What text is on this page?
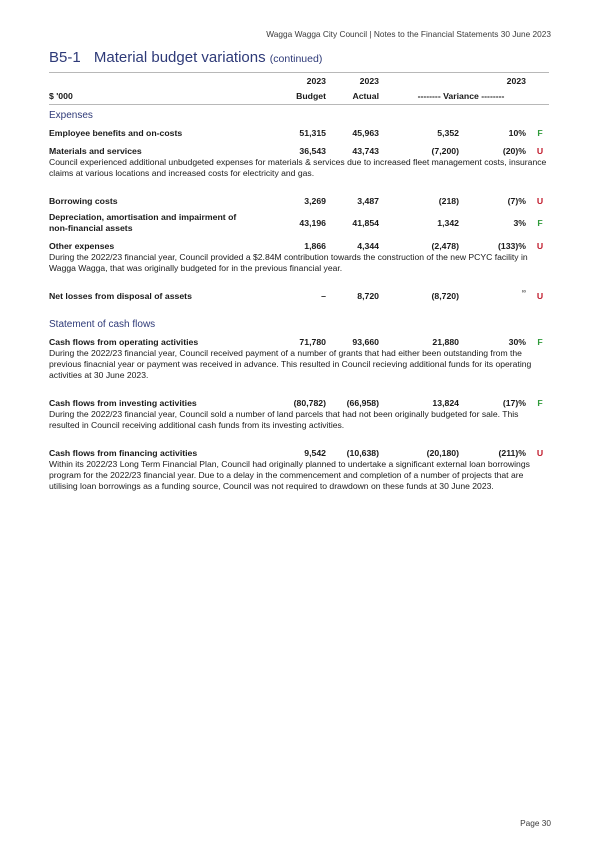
Wagga Wagga City Council | Notes to the Financial Statements 30 June 2023
B5-1 Material budget variations (continued)
2023	2023	2023
$ '000	Budget	Actual	-------- Variance --------
Expenses
Employee benefits and on-costs	51,315	45,963	5,352	10%	F
Materials and services	36,543	43,743	(7,200)	(20)%	U
Council experienced additional unbudgeted expenses for materials & services due to increased fleet management costs, insurance claims at various locations and increased costs for electricity and gas.
Borrowing costs	3,269	3,487	(218)	(7)%	U
Depreciation, amortisation and impairment of non-financial assets	43,196	41,854	1,342	3%	F
Other expenses	1,866	4,344	(2,478)	(133)%	U
During the 2022/23 financial year, Council provided a $2.84M contribution towards the construction of the new PCYC facility in Wagga Wagga, that was originally budgeted for in the previous financial year.
Net losses from disposal of assets	–	8,720	(8,720)	∞	U
Statement of cash flows
Cash flows from operating activities	71,780	93,660	21,880	30%	F
During the 2022/23 financial year, Council received payment of a number of grants that had either been outstanding from the previous finacnial year or payment was received in advance. This resulted in Council recieving additional funds for its operating activities at 30 June 2023.
Cash flows from investing activities	(80,782)	(66,958)	13,824	(17)%	F
During the 2022/23 financial year, Council sold a number of land parcels that had not been originally budgeted for sale. This resulted in Council receiving additional cash funds from its investing activities.
Cash flows from financing activities	9,542	(10,638)	(20,180)	(211)%	U
Within its 2022/23 Long Term Financial Plan, Council had originally planned to undertake a significant external loan borrowings program for the 2022/23 financial year. Due to a delay in the commencement and completion of a number of projects that are utilising loan borrowings as a funding source, Council was not required to drawdown on these funds at 30 June 2023.
Page 30
